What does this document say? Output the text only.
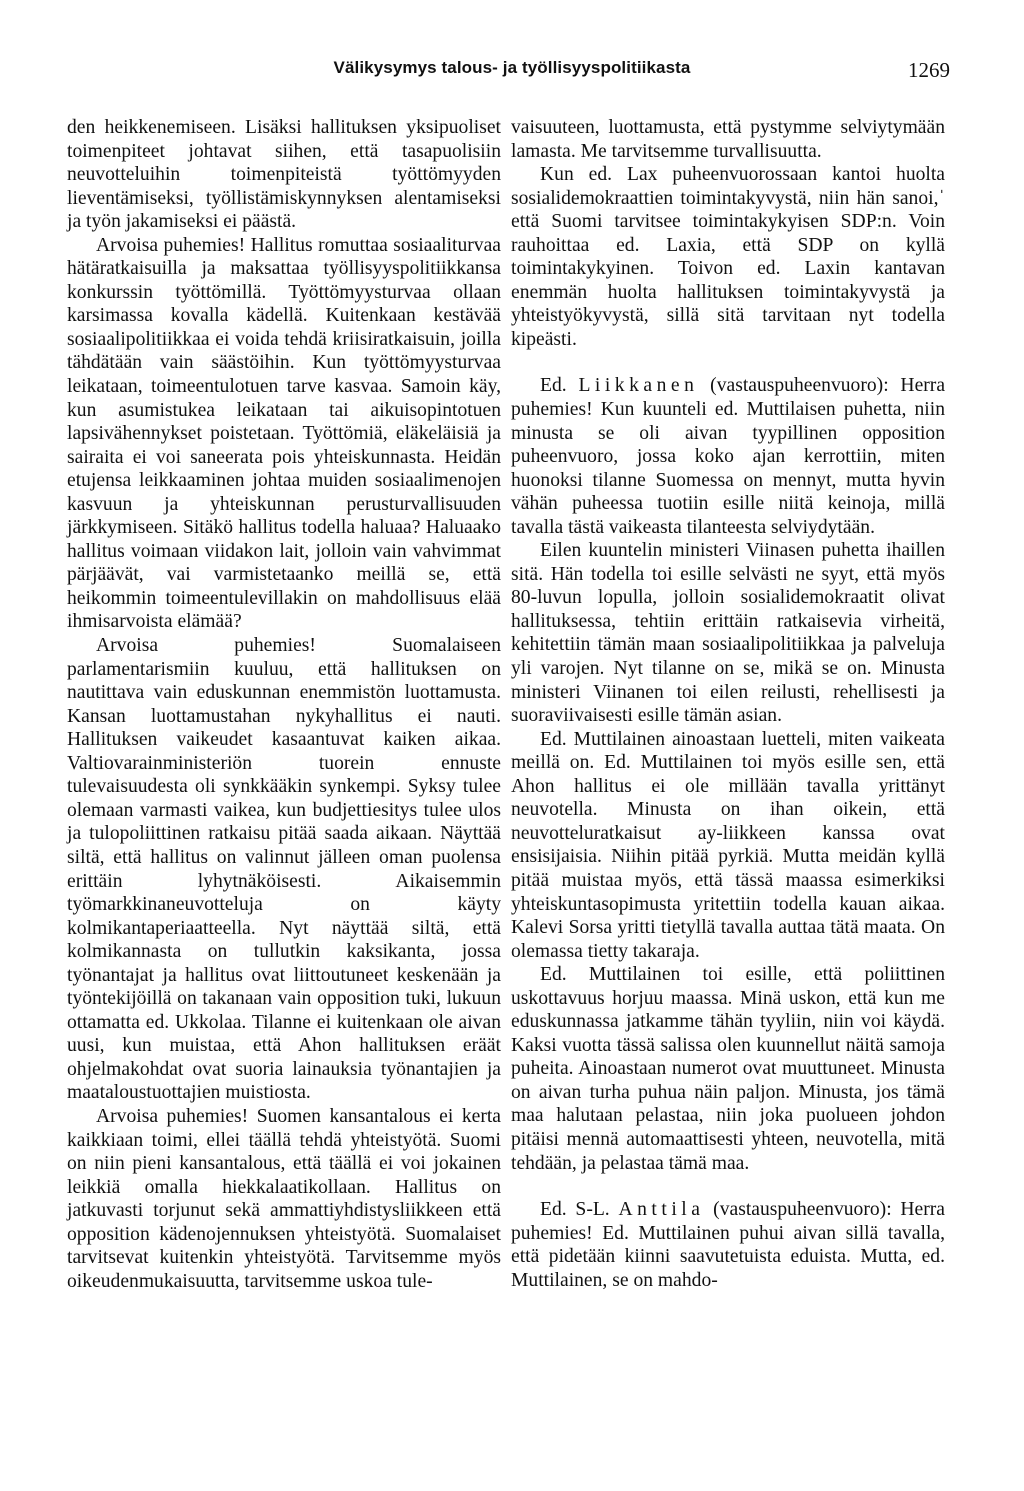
Välikysymys talous- ja työllisyyspolitiikasta	1269

den heikkenemiseen. Lisäksi hallituksen yksipuoliset toimenpiteet johtavat siihen, että tasapuolisiin neuvotteluihin toimenpiteistä työttömyyden lieventämiseksi, työllistämiskynnyksen alentamiseksi ja työn jakamiseksi ei päästä.

Arvoisa puhemies! Hallitus romuttaa sosiaaliturvaa hätäratkaisuilla ja maksattaa työllisyyspolitiikkansa konkurssin työttömillä. Työttömyysturvaa ollaan karsimassa kovalla kädellä. Kuitenkaan kestävää sosiaalipolitiikkaa ei voida tehdä kriisiratkaisuin, joilla tähdätään vain säästöihin. Kun työttömyysturvaa leikataan, toimeentulotuen tarve kasvaa. Samoin käy, kun asumistukea leikataan tai aikuisopintotuen lapsivähennykset poistetaan. Työttömiä, eläkeläisiä ja sairaita ei voi saneerata pois yhteiskunnasta. Heidän etujensa leikkaaminen johtaa muiden sosiaalimenojen kasvuun ja yhteiskunnan perusturvallisuuden järkkymiseen. Sitäkö hallitus todella haluaa? Haluaako hallitus voimaan viidakon lait, jolloin vain vahvimmat pärjäävät, vai varmistetaanko meillä se, että heikommin toimeentulevillakin on mahdollisuus elää ihmisarvoista elämää?

Arvoisa puhemies! Suomalaiseen parlamentarismiin kuuluu, että hallituksen on nautittava vain eduskunnan enemmistön luottamusta. Kansan luottamustahan nykyhallitus ei nauti. Hallituksen vaikeudet kasaantuvat kaiken aikaa. Valtiovarainministeriön tuorein ennuste tulevaisuudesta oli synkkääkin synkempi. Syksy tulee olemaan varmasti vaikea, kun budjettiesitys tulee ulos ja tulopoliittinen ratkaisu pitää saada aikaan. Näyttää siltä, että hallitus on valinnut jälleen oman puolensa erittäin lyhytnäköisesti. Aikaisemmin työmarkkinaneuvotteluja on käyty kolmikantaperiaatteella. Nyt näyttää siltä, että kolmikannasta on tullutkin kaksikanta, jossa työnantajat ja hallitus ovat liittoutuneet keskenään ja työntekijöillä on takanaan vain opposition tuki, lukuun ottamatta ed. Ukkolaa. Tilanne ei kuitenkaan ole aivan uusi, kun muistaa, että Ahon hallituksen eräät ohjelmakohdat ovat suoria lainauksia työnantajien ja maataloustuottajien muistiosta.

Arvoisa puhemies! Suomen kansantalous ei kerta kaikkiaan toimi, ellei täällä tehdä yhteistyötä. Suomi on niin pieni kansantalous, että täällä ei voi jokainen leikkiä omalla hiekkalaatikollaan. Hallitus on jatkuvasti torjunut sekä ammattiyhdistysliikkeen että opposition kädenojennuksen yhteistyötä. Suomalaiset tarvitsevat kuitenkin yhteistyötä. Tarvitsemme myös oikeudenmukaisuutta, tarvitsemme uskoa tule-

vaisuuteen, luottamusta, että pystymme selviytymään lamasta. Me tarvitsemme turvallisuutta.

Kun ed. Lax puheenvuorossaan kantoi huolta sosialidemokraattien toimintakyvystä, niin hän sanoi,ˈ että Suomi tarvitsee toimintakykyisen SDP:n. Voin rauhoittaa ed. Laxia, että SDP on kyllä toimintakykyinen. Toivon ed. Laxin kantavan enemmän huolta hallituksen toimintakyvystä ja yhteistyökyvystä, sillä sitä tarvitaan nyt todella kipeästi.

Ed. Liikkanen (vastauspuheenvuoro): Herra puhemies! Kun kuunteli ed. Muttilaisen puhetta, niin minusta se oli aivan tyypillinen opposition puheenvuoro, jossa koko ajan kerrottiin, miten huonoksi tilanne Suomessa on mennyt, mutta hyvin vähän puheessa tuotiin esille niitä keinoja, millä tavalla tästä vaikeasta tilanteesta selviydytään.

Eilen kuuntelin ministeri Viinasen puhetta ihaillen sitä. Hän todella toi esille selvästi ne syyt, että myös 80-luvun lopulla, jolloin sosialidemokraatit olivat hallituksessa, tehtiin erittäin ratkaisevia virheitä, kehitettiin tämän maan sosiaalipolitiikkaa ja palveluja yli varojen. Nyt tilanne on se, mikä se on. Minusta ministeri Viinanen toi eilen reilusti, rehellisesti ja suoraviivaisesti esille tämän asian.

Ed. Muttilainen ainoastaan luetteli, miten vaikeata meillä on. Ed. Muttilainen toi myös esille sen, että Ahon hallitus ei ole millään tavalla yrittänyt neuvotella. Minusta on ihan oikein, että neuvotteluratkaisut ay-liikkeen kanssa ovat ensisijaisia. Niihin pitää pyrkiä. Mutta meidän kyllä pitää muistaa myös, että tässä maassa esimerkiksi yhteiskuntasopimusta yritettiin todella kauan aikaa. Kalevi Sorsa yritti tietyllä tavalla auttaa tätä maata. On olemassa tietty takaraja.

Ed. Muttilainen toi esille, että poliittinen uskottavuus horjuu maassa. Minä uskon, että kun me eduskunnassa jatkamme tähän tyyliin, niin voi käydä. Kaksi vuotta tässä salissa olen kuunnellut näitä samoja puheita. Ainoastaan numerot ovat muuttuneet. Minusta on aivan turha puhua näin paljon. Minusta, jos tämä maa halutaan pelastaa, niin joka puolueen johdon pitäisi mennä automaattisesti yhteen, neuvotella, mitä tehdään, ja pelastaa tämä maa.

Ed. S-L. Anttila (vastauspuheenvuoro): Herra puhemies! Ed. Muttilainen puhui aivan sillä tavalla, että pidetään kiinni saavutetuista eduista. Mutta, ed. Muttilainen, se on mahdo-
